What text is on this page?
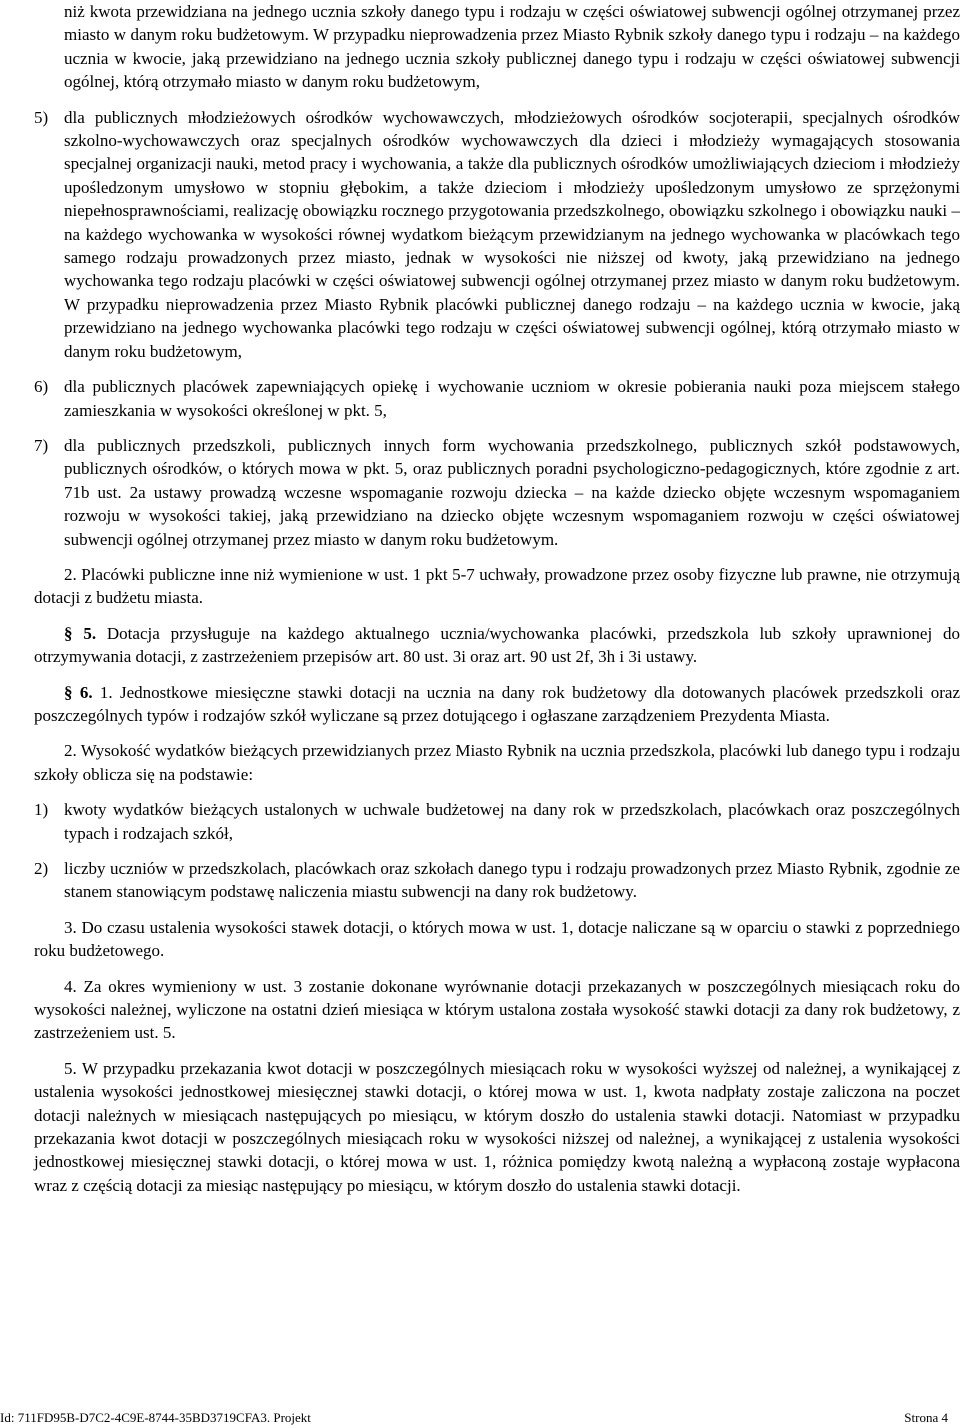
niż kwota przewidziana na jednego ucznia szkoły danego typu i rodzaju w części oświatowej subwencji ogólnej otrzymanej przez miasto w danym roku budżetowym. W przypadku nieprowadzenia przez Miasto Rybnik szkoły danego typu i rodzaju – na każdego ucznia w kwocie, jaką przewidziano na jednego ucznia szkoły publicznej danego typu i rodzaju w części oświatowej subwencji ogólnej, którą otrzymało miasto w danym roku budżetowym,

5) dla publicznych młodzieżowych ośrodków wychowawczych, młodzieżowych ośrodków socjoterapii, specjalnych ośrodków szkolno-wychowawczych oraz specjalnych ośrodków wychowawczych dla dzieci i młodzieży wymagających stosowania specjalnej organizacji nauki, metod pracy i wychowania, a także dla publicznych ośrodków umożliwiających dzieciom i młodzieży upośledzonym umysłowo w stopniu głębokim, a także dzieciom i młodzieży upośledzonym umysłowo ze sprzężonymi niepełnosprawnościami, realizację obowiązku rocznego przygotowania przedszkolnego, obowiązku szkolnego i obowiązku nauki – na każdego wychowanka w wysokości równej wydatkom bieżącym przewidzianym na jednego wychowanka w placówkach tego samego rodzaju prowadzonych przez miasto, jednak w wysokości nie niższej od kwoty, jaką przewidziano na jednego wychowanka tego rodzaju placówki w części oświatowej subwencji ogólnej otrzymanej przez miasto w danym roku budżetowym. W przypadku nieprowadzenia przez Miasto Rybnik placówki publicznej danego rodzaju – na każdego ucznia w kwocie, jaką przewidziano na jednego wychowanka placówki tego rodzaju w części oświatowej subwencji ogólnej, którą otrzymało miasto w danym roku budżetowym,
6) dla publicznych placówek zapewniających opiekę i wychowanie uczniom w okresie pobierania nauki poza miejscem stałego zamieszkania w wysokości określonej w pkt. 5,
7) dla publicznych przedszkoli, publicznych innych form wychowania przedszkolnego, publicznych szkół podstawowych, publicznych ośrodków, o których mowa w pkt. 5, oraz publicznych poradni psychologiczno-pedagogicznych, które zgodnie z art. 71b ust. 2a ustawy prowadzą wczesne wspomaganie rozwoju dziecka – na każde dziecko objęte wczesnym wspomaganiem rozwoju w wysokości takiej, jaką przewidziano na dziecko objęte wczesnym wspomaganiem rozwoju w części oświatowej subwencji ogólnej otrzymanej przez miasto w danym roku budżetowym.

2. Placówki publiczne inne niż wymienione w ust. 1 pkt 5-7 uchwały, prowadzone przez osoby fizyczne lub prawne, nie otrzymują dotacji z budżetu miasta.

§ 5. Dotacja przysługuje na każdego aktualnego ucznia/wychowanka placówki, przedszkola lub szkoły uprawnionej do otrzymywania dotacji, z zastrzeżeniem przepisów art. 80 ust. 3i oraz art. 90 ust 2f, 3h i 3i ustawy.

§ 6. 1. Jednostkowe miesięczne stawki dotacji na ucznia na dany rok budżetowy dla dotowanych placówek przedszkoli oraz poszczególnych typów i rodzajów szkół wyliczane są przez dotującego i ogłaszane zarządzeniem Prezydenta Miasta.

2. Wysokość wydatków bieżących przewidzianych przez Miasto Rybnik na ucznia przedszkola, placówki lub danego typu i rodzaju szkoły oblicza się na podstawie:

1) kwoty wydatków bieżących ustalonych w uchwale budżetowej na dany rok w przedszkolach, placówkach oraz poszczególnych typach i rodzajach szkół,
2) liczby uczniów w przedszkolach, placówkach oraz szkołach danego typu i rodzaju prowadzonych przez Miasto Rybnik, zgodnie ze stanem stanowiącym podstawę naliczenia miastu subwencji na dany rok budżetowy.

3. Do czasu ustalenia wysokości stawek dotacji, o których mowa w ust. 1, dotacje naliczane są w oparciu o stawki z poprzedniego roku budżetowego.

4. Za okres wymieniony w ust. 3 zostanie dokonane wyrównanie dotacji przekazanych w poszczególnych miesiącach roku do wysokości należnej, wyliczone na ostatni dzień miesiąca w którym ustalona została wysokość stawki dotacji za dany rok budżetowy, z zastrzeżeniem ust. 5.

5. W przypadku przekazania kwot dotacji w poszczególnych miesiącach roku w wysokości wyższej od należnej, a wynikającej z ustalenia wysokości jednostkowej miesięcznej stawki dotacji, o której mowa w ust. 1, kwota nadpłaty zostaje zaliczona na poczet dotacji należnych w miesiącach następujących po miesiącu, w którym doszło do ustalenia stawki dotacji. Natomiast w przypadku przekazania kwot dotacji w poszczególnych miesiącach roku w wysokości niższej od należnej, a wynikającej z ustalenia wysokości jednostkowej miesięcznej stawki dotacji, o której mowa w ust. 1, różnica pomiędzy kwotą należną a wypłaconą zostaje wypłacona wraz z częścią dotacji za miesiąc następujący po miesiącu, w którym doszło do ustalenia stawki dotacji.

Id: 711FD95B-D7C2-4C9E-8744-35BD3719CFA3. Projekt	Strona 4
